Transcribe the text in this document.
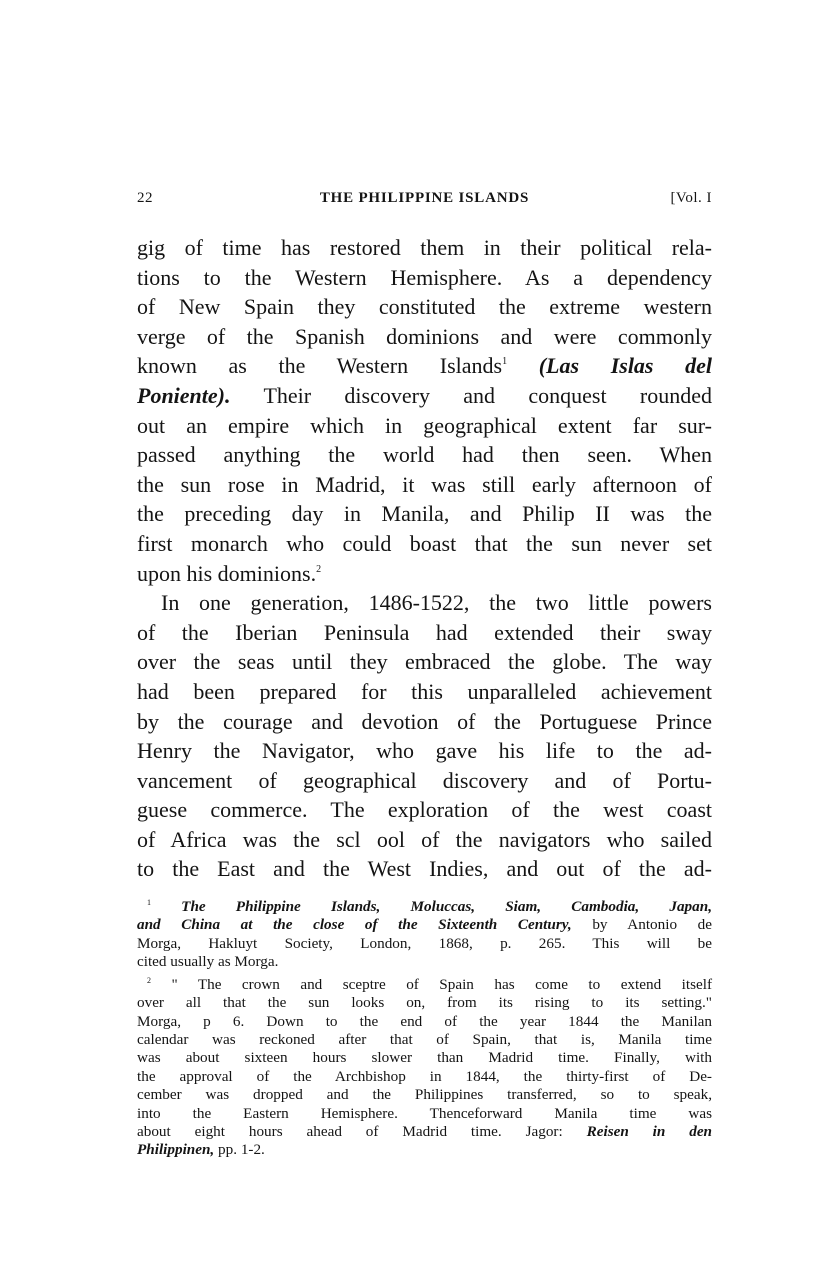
22	THE PHILIPPINE ISLANDS	[Vol. I

gig of time has restored them in their political rela-
tions to the Western Hemisphere. As a dependency
of New Spain they constituted the extreme western
verge of the Spanish dominions and were commonly
known as the Western Islands$^1$ (Las Islas del
Poniente). Their discovery and conquest rounded
out an empire which in geographical extent far sur-
passed anything the world had then seen. When
the sun rose in Madrid, it was still early afternoon of
the preceding day in Manila, and Philip II was the
first monarch who could boast that the sun never set
upon his dominions.$^2$

In one generation, 1486-1522, the two little powers
of the Iberian Peninsula had extended their sway
over the seas until they embraced the globe. The way
had been prepared for this unparalleled achievement
by the courage and devotion of the Portuguese Prince
Henry the Navigator, who gave his life to the ad-
vancement of geographical discovery and of Portu-
guese commerce. The exploration of the west coast
of Africa was the scl ool of the navigators who sailed
to the East and the West Indies, and out of the ad-

$^1$ The Philippine Islands, Moluccas, Siam, Cambodia, Japan,
and China at the close of the Sixteenth Century, by Antonio de
Morga, Hakluyt Society, London, 1868, p. 265. This will be
cited usually as Morga.
$^2$ " The crown and sceptre of Spain has come to extend itself
over all that the sun looks on, from its rising to its setting."
Morga, p 6. Down to the end of the year 1844 the Manilan
calendar was reckoned after that of Spain, that is, Manila time
was about sixteen hours slower than Madrid time. Finally, with
the approval of the Archbishop in 1844, the thirty-first of De-
cember was dropped and the Philippines transferred, so to speak,
into the Eastern Hemisphere. Thenceforward Manila time was
about eight hours ahead of Madrid time. Jagor: Reisen in den
Philippinen, pp. 1-2.
